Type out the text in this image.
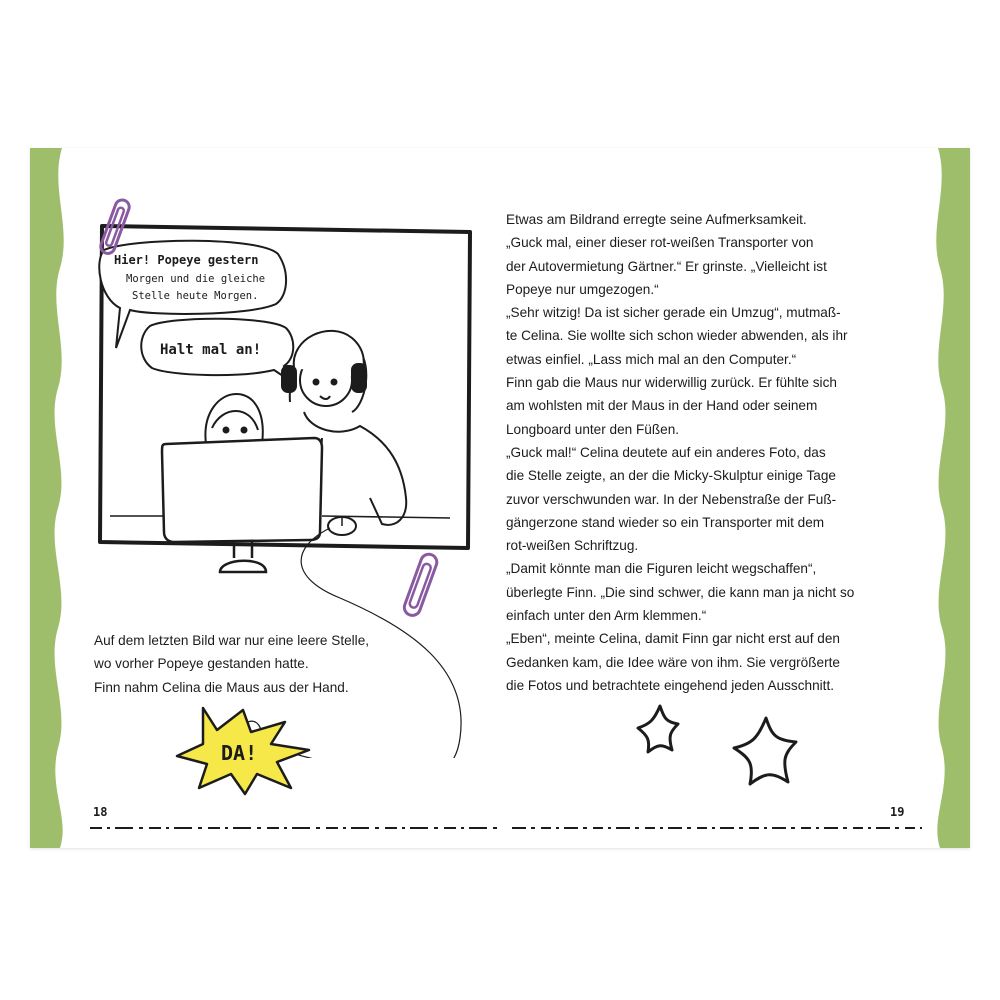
Hier! Popeye gestern
Morgen und die gleiche
Stelle heute Morgen.
Halt mal an!

Auf dem letzten Bild war nur eine leere Stelle,

wo vorher Popeye gestanden hatte.

Finn nahm Celina die Maus aus der Hand.

DA!

Etwas am Bildrand erregte seine Aufmerksamkeit.

„Guck mal, einer dieser rot-weißen Transporter von

der Autovermietung Gärtner.“ Er grinste. „Vielleicht ist

Popeye nur umgezogen.“

„Sehr witzig! Da ist sicher gerade ein Umzug“, mutmaß-

te Celina. Sie wollte sich schon wieder abwenden, als ihr

etwas einfiel. „Lass mich mal an den Computer.“

Finn gab die Maus nur widerwillig zurück. Er fühlte sich

am wohlsten mit der Maus in der Hand oder seinem

Longboard unter den Füßen.

„Guck mal!“ Celina deutete auf ein anderes Foto, das

die Stelle zeigte, an der die Micky-Skulptur einige Tage

zuvor verschwunden war. In der Nebenstraße der Fuß-

gängerzone stand wieder so ein Transporter mit dem

rot-weißen Schriftzug.

„Damit könnte man die Figuren leicht wegschaffen“,

überlegte Finn. „Die sind schwer, die kann man ja nicht so

einfach unter den Arm klemmen.“

„Eben“, meinte Celina, damit Finn gar nicht erst auf den

Gedanken kam, die Idee wäre von ihm. Sie vergrößerte

die Fotos und betrachtete eingehend jeden Ausschnitt.

18	19
